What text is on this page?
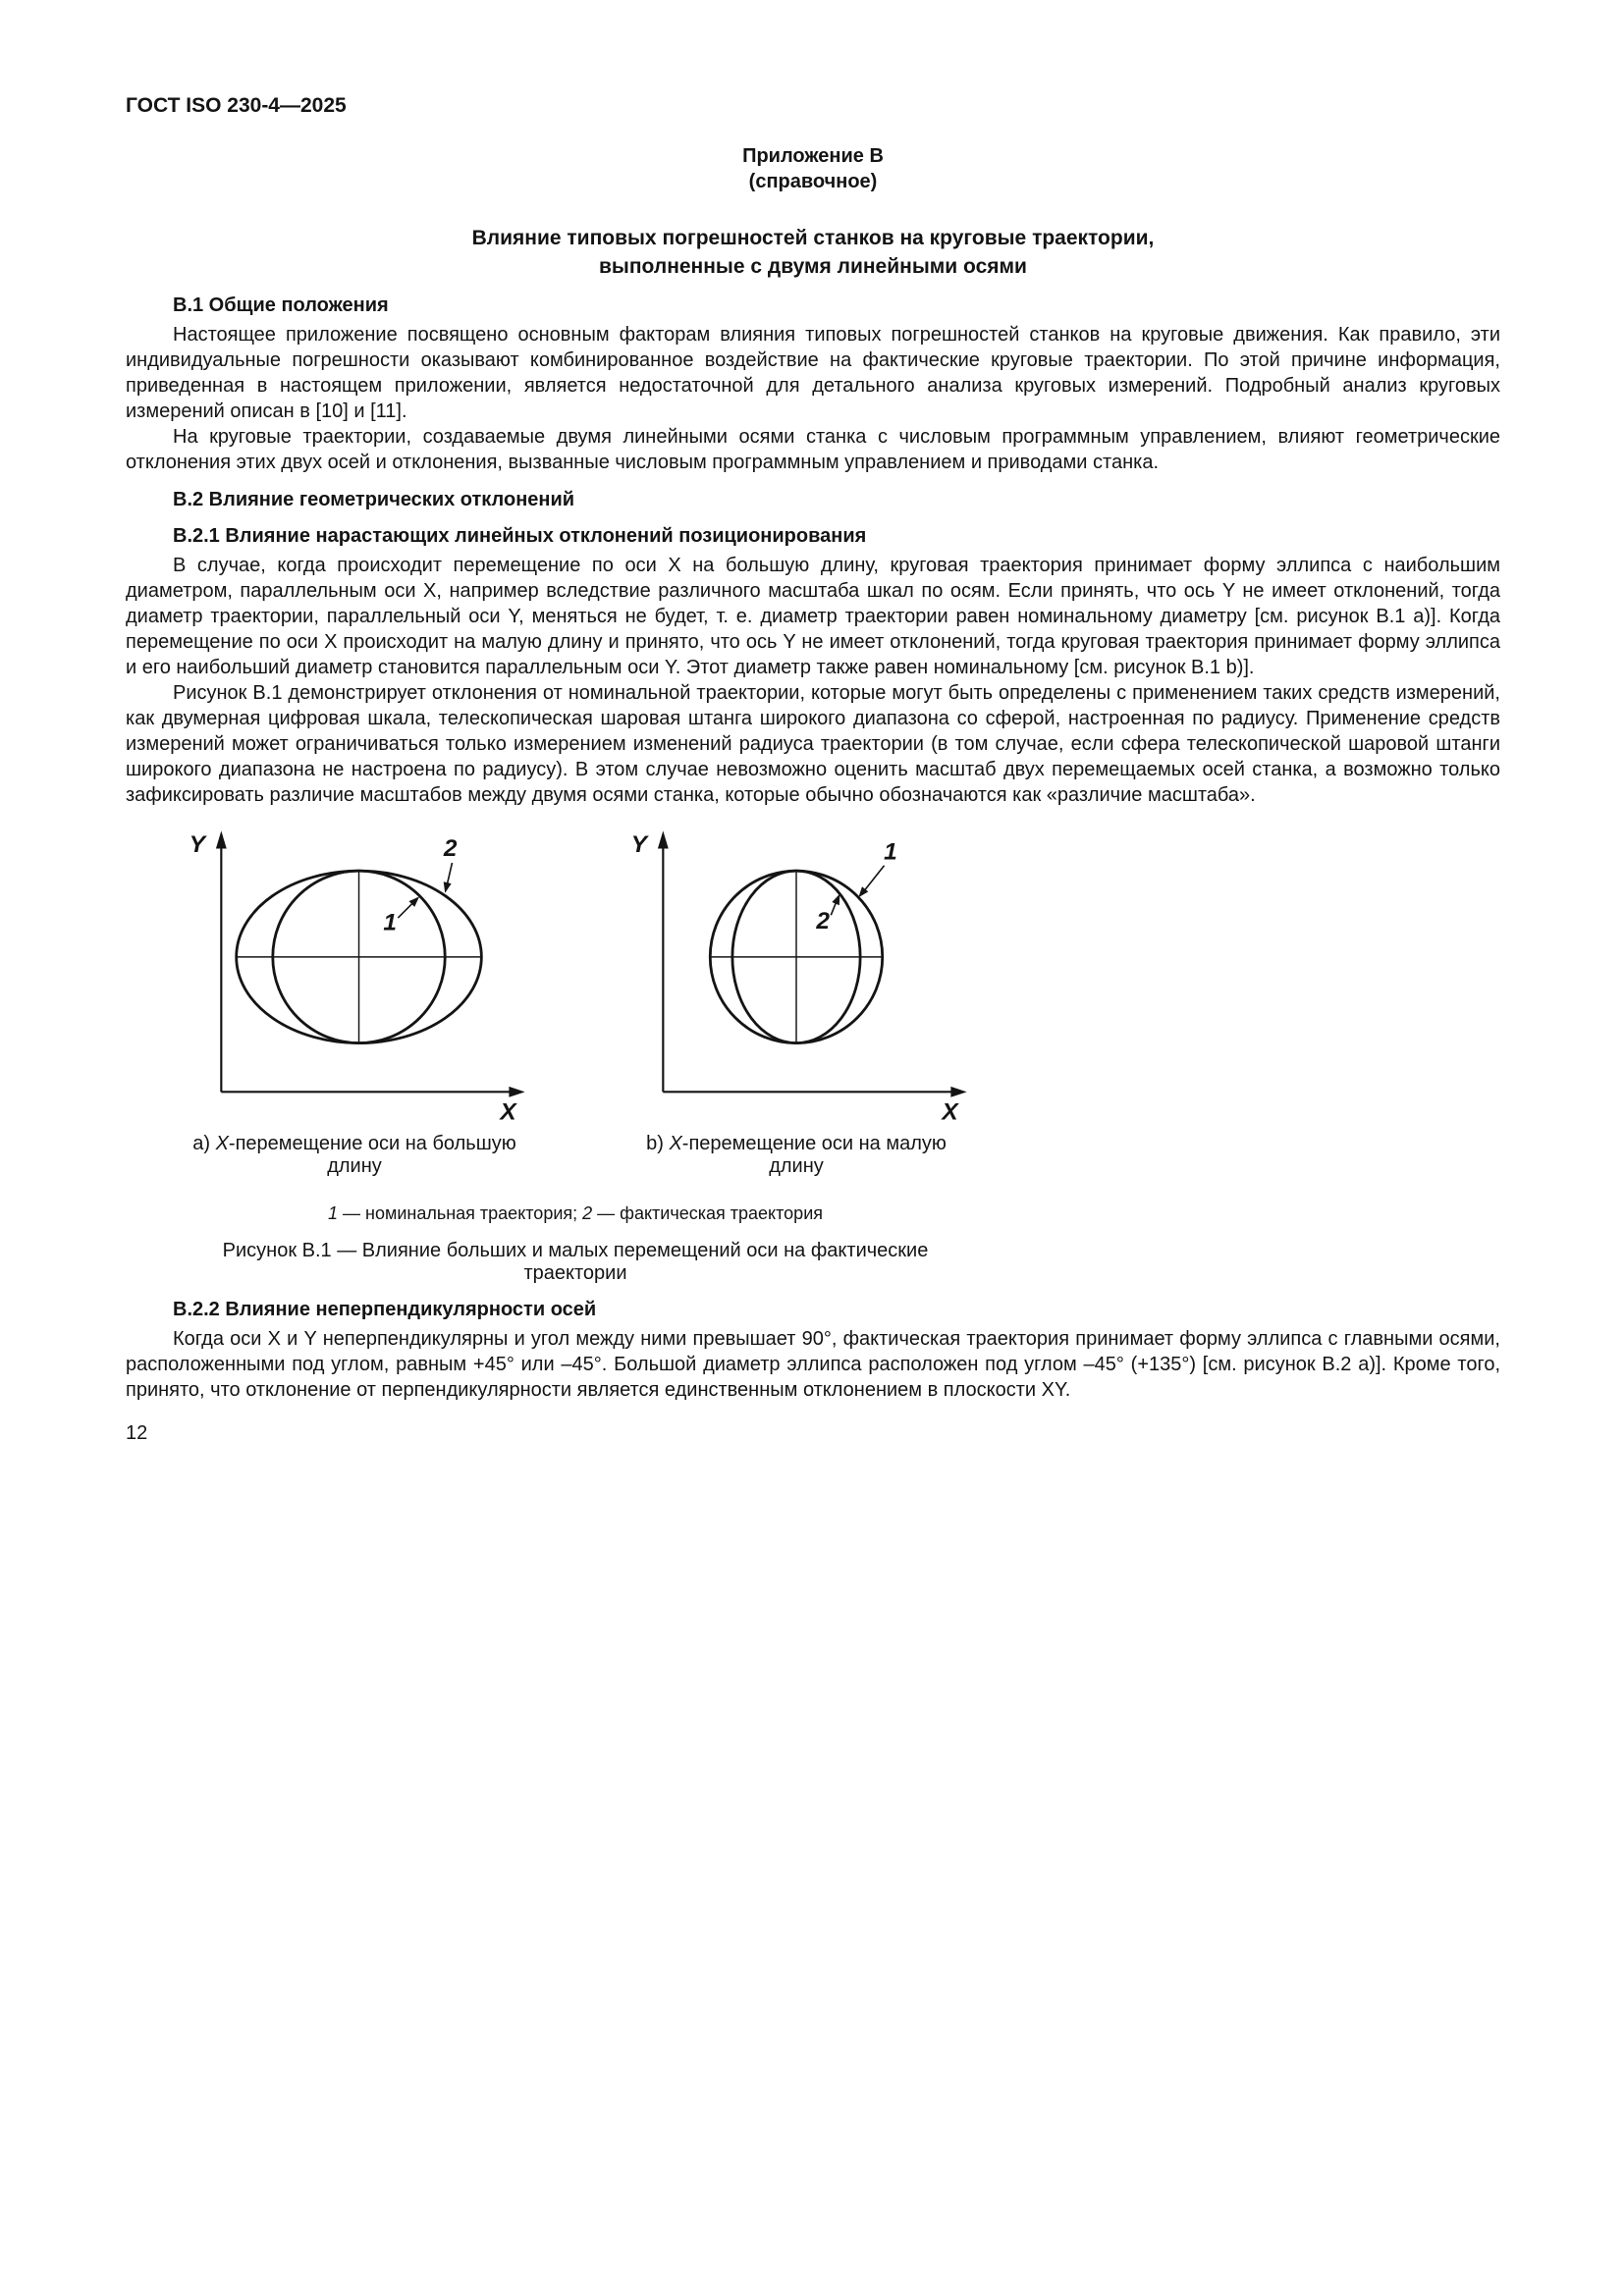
ГОСТ ISO 230-4—2025
Приложение В
(справочное)
Влияние типовых погрешностей станков на круговые траектории,
выполненные с двумя линейными осями
В.1 Общие положения

Настоящее приложение посвящено основным факторам влияния типовых погрешностей станков на круговые движения. Как правило, эти индивидуальные погрешности оказывают комбинированное воздействие на фактические круговые траектории. По этой причине информация, приведенная в настоящем приложении, является недостаточной для детального анализа круговых измерений. Подробный анализ круговых измерений описан в [10] и [11].

На круговые траектории, создаваемые двумя линейными осями станка с числовым программным управлением, влияют геометрические отклонения этих двух осей и отклонения, вызванные числовым программным управлением и приводами станка.

В.2 Влияние геометрических отклонений
В.2.1 Влияние нарастающих линейных отклонений позиционирования

В случае, когда происходит перемещение по оси X на большую длину, круговая траектория принимает форму эллипса с наибольшим диаметром, параллельным оси X, например вследствие различного масштаба шкал по осям. Если принять, что ось Y не имеет отклонений, тогда диаметр траектории, параллельный оси Y, меняться не будет, т. е. диаметр траектории равен номинальному диаметру [см. рисунок В.1 а)]. Когда перемещение по оси X происходит на малую длину и принято, что ось Y не имеет отклонений, тогда круговая траектория принимает форму эллипса и его наибольший диаметр становится параллельным оси Y. Этот диаметр также равен номинальному [см. рисунок В.1 b)].

Рисунок В.1 демонстрирует отклонения от номинальной траектории, которые могут быть определены с применением таких средств измерений, как двумерная цифровая шкала, телескопическая шаровая штанга широкого диапазона со сферой, настроенная по радиусу. Применение средств измерений может ограничиваться только измерением изменений радиуса траектории (в том случае, если сфера телескопической шаровой штанги широкого диапазона не настроена по радиусу). В этом случае невозможно оценить масштаб двух перемещаемых осей станка, а возможно только зафиксировать различие масштабов между двумя осями станка, которые обычно обозначаются как «различие масштаба».

Y
X
2
1
a) X-перемещение оси на большую длину
Y
X
1
2
b) X-перемещение оси на малую длину
1 — номинальная траектория; 2 — фактическая траектория
Рисунок В.1 — Влияние больших и малых перемещений оси на фактические траектории
В.2.2 Влияние неперпендикулярности осей

Когда оси X и Y неперпендикулярны и угол между ними превышает 90°, фактическая траектория принимает форму эллипса с главными осями, расположенными под углом, равным +45° или –45°. Большой диаметр эллипса расположен под углом –45° (+135°) [см. рисунок В.2 а)]. Кроме того, принято, что отклонение от перпендикулярности является единственным отклонением в плоскости XY.

12
